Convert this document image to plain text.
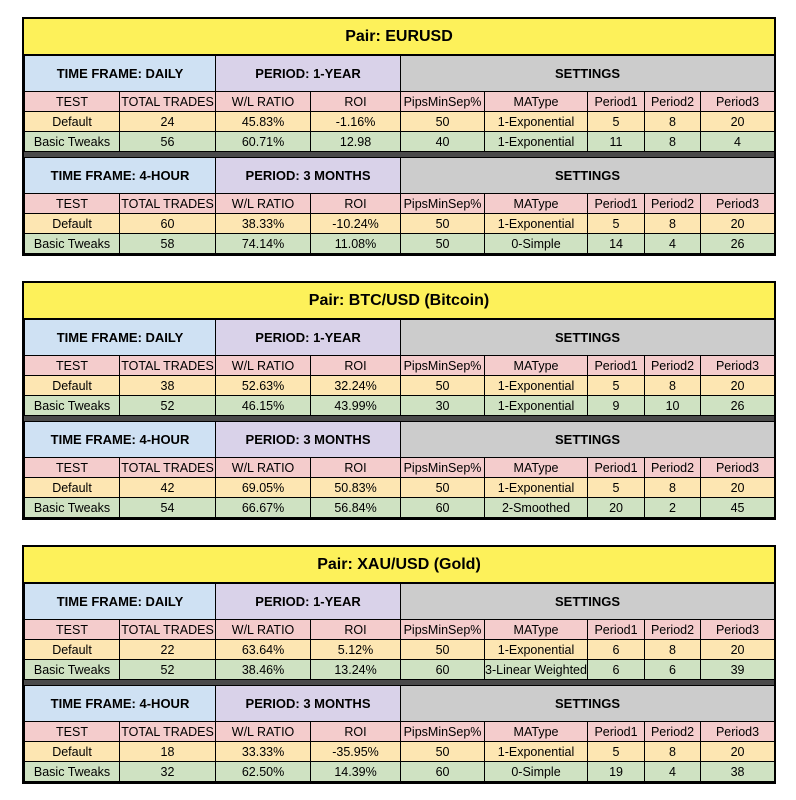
Pair: EURUSD
TIME FRAME: DAILY		PERIOD: 1-YEAR		SETTINGS				
TEST	TOTAL TRADES	W/L RATIO	ROI	PipsMinSep%	MAType	Period1	Period2	Period3
Default	24	45.83%	-1.16%	50	1-Exponential	5	8	20
Basic Tweaks	56	60.71%	12.98	40	1-Exponential	11	8	4
TIME FRAME: 4-HOUR		PERIOD: 3 MONTHS		SETTINGS				
TEST	TOTAL TRADES	W/L RATIO	ROI	PipsMinSep%	MAType	Period1	Period2	Period3
Default	60	38.33%	-10.24%	50	1-Exponential	5	8	20
Basic Tweaks	58	74.14%	11.08%	50	0-Simple	14	4	26
Pair: BTC/USD (Bitcoin)
TIME FRAME: DAILY		PERIOD: 1-YEAR		SETTINGS				
TEST	TOTAL TRADES	W/L RATIO	ROI	PipsMinSep%	MAType	Period1	Period2	Period3
Default	38	52.63%	32.24%	50	1-Exponential	5	8	20
Basic Tweaks	52	46.15%	43.99%	30	1-Exponential	9	10	26
TIME FRAME: 4-HOUR		PERIOD: 3 MONTHS		SETTINGS				
TEST	TOTAL TRADES	W/L RATIO	ROI	PipsMinSep%	MAType	Period1	Period2	Period3
Default	42	69.05%	50.83%	50	1-Exponential	5	8	20
Basic Tweaks	54	66.67%	56.84%	60	2-Smoothed	20	2	45
Pair: XAU/USD (Gold)
TIME FRAME: DAILY		PERIOD: 1-YEAR		SETTINGS				
TEST	TOTAL TRADES	W/L RATIO	ROI	PipsMinSep%	MAType	Period1	Period2	Period3
Default	22	63.64%	5.12%	50	1-Exponential	6	8	20
Basic Tweaks	52	38.46%	13.24%	60	3-Linear Weighted	6	6	39
TIME FRAME: 4-HOUR		PERIOD: 3 MONTHS		SETTINGS				
TEST	TOTAL TRADES	W/L RATIO	ROI	PipsMinSep%	MAType	Period1	Period2	Period3
Default	18	33.33%	-35.95%	50	1-Exponential	5	8	20
Basic Tweaks	32	62.50%	14.39%	60	0-Simple	19	4	38
